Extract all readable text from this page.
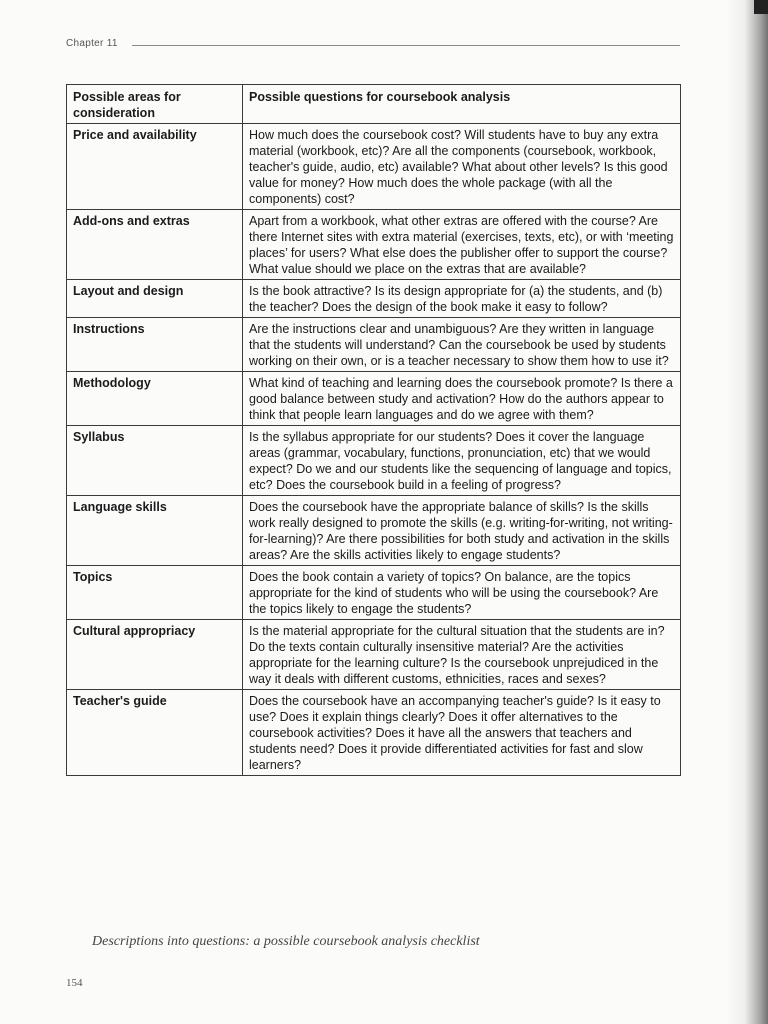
Chapter 11
Possible areas for consideration	Possible questions for coursebook analysis
Price and availability	How much does the coursebook cost? Will students have to buy any extra material (workbook, etc)? Are all the components (coursebook, workbook, teacher's guide, audio, etc) available? What about other levels? Is this good value for money? How much does the whole package (with all the components) cost?
Add-ons and extras	Apart from a workbook, what other extras are offered with the course? Are there Internet sites with extra material (exercises, texts, etc), or with ‘meeting places’ for users? What else does the publisher offer to support the course? What value should we place on the extras that are available?
Layout and design	Is the book attractive? Is its design appropriate for (a) the students, and (b) the teacher? Does the design of the book make it easy to follow?
Instructions	Are the instructions clear and unambiguous? Are they written in language that the students will understand? Can the coursebook be used by students working on their own, or is a teacher necessary to show them how to use it?
Methodology	What kind of teaching and learning does the coursebook promote? Is there a good balance between study and activation? How do the authors appear to think that people learn languages and do we agree with them?
Syllabus	Is the syllabus appropriate for our students? Does it cover the language areas (grammar, vocabulary, functions, pronunciation, etc) that we would expect? Do we and our students like the sequencing of language and topics, etc? Does the coursebook build in a feeling of progress?
Language skills	Does the coursebook have the appropriate balance of skills? Is the skills work really designed to promote the skills (e.g. writing-for-writing, not writing-for-learning)? Are there possibilities for both study and activation in the skills areas? Are the skills activities likely to engage students?
Topics	Does the book contain a variety of topics? On balance, are the topics appropriate for the kind of students who will be using the coursebook? Are the topics likely to engage the students?
Cultural appropriacy	Is the material appropriate for the cultural situation that the students are in? Do the texts contain culturally insensitive material? Are the activities appropriate for the learning culture? Is the coursebook unprejudiced in the way it deals with different customs, ethnicities, races and sexes?
Teacher's guide	Does the coursebook have an accompanying teacher's guide? Is it easy to use? Does it explain things clearly? Does it offer alternatives to the coursebook activities? Does it have all the answers that teachers and students need? Does it provide differentiated activities for fast and slow learners?
Descriptions into questions: a possible coursebook analysis checklist
154
